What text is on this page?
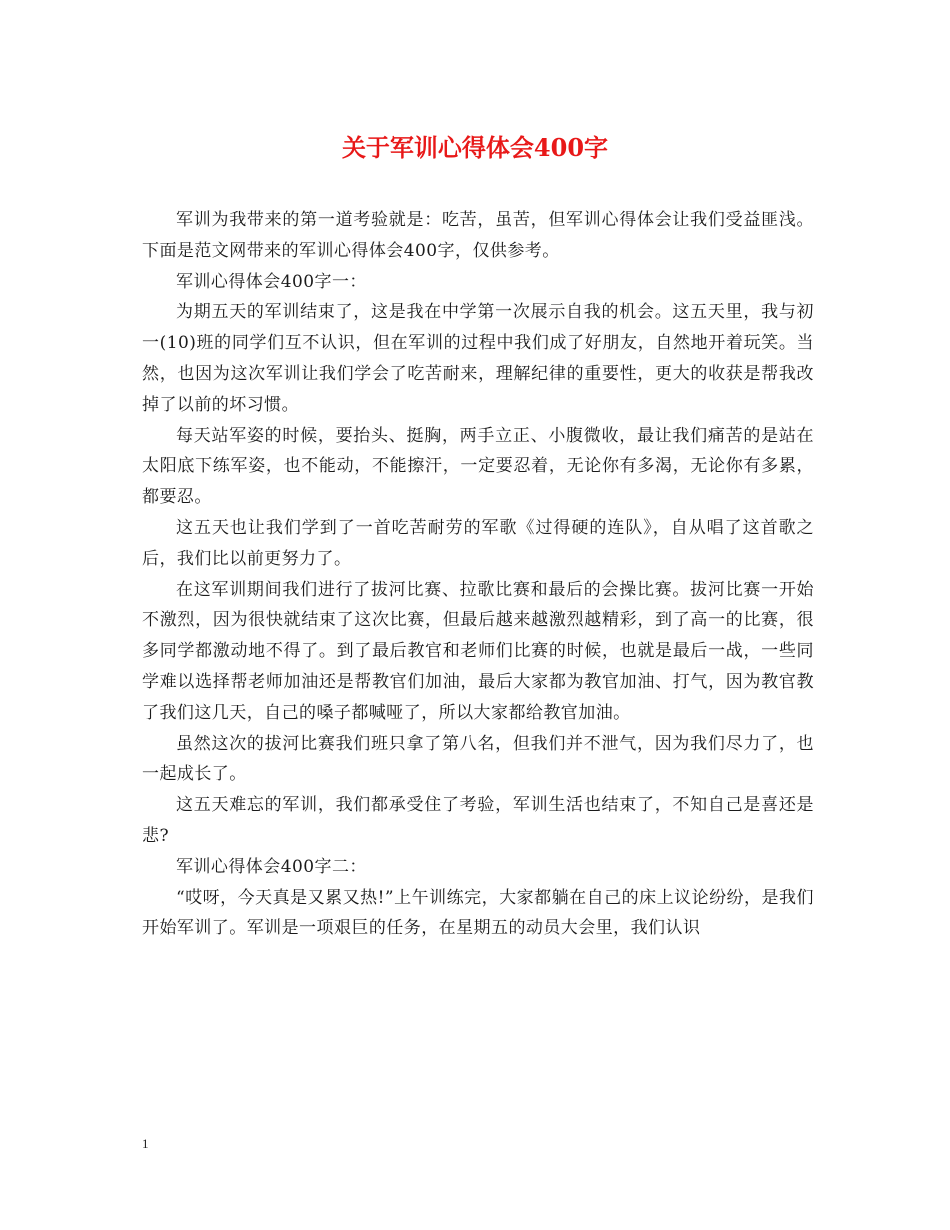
关于军训心得体会400字

军训为我带来的第一道考验就是：吃苦，虽苦，但军训心得体会让我们受益匪浅。下面是范文网带来的军训心得体会400字，仅供参考。

军训心得体会400字一：

为期五天的军训结束了，这是我在中学第一次展示自我的机会。这五天里，我与初一(10)班的同学们互不认识，但在军训的过程中我们成了好朋友，自然地开着玩笑。当然，也因为这次军训让我们学会了吃苦耐来，理解纪律的重要性，更大的收获是帮我改掉了以前的坏习惯。

每天站军姿的时候，要抬头、挺胸，两手立正、小腹微收，最让我们痛苦的是站在太阳底下练军姿，也不能动，不能擦汗，一定要忍着，无论你有多渴，无论你有多累，都要忍。

这五天也让我们学到了一首吃苦耐劳的军歌《过得硬的连队》，自从唱了这首歌之后，我们比以前更努力了。

在这军训期间我们进行了拔河比赛、拉歌比赛和最后的会操比赛。拔河比赛一开始不激烈，因为很快就结束了这次比赛，但最后越来越激烈越精彩，到了高一的比赛，很多同学都激动地不得了。到了最后教官和老师们比赛的时候，也就是最后一战，一些同学难以选择帮老师加油还是帮教官们加油，最后大家都为教官加油、打气，因为教官教了我们这几天，自己的嗓子都喊哑了，所以大家都给教官加油。

虽然这次的拔河比赛我们班只拿了第八名，但我们并不泄气，因为我们尽力了，也一起成长了。

这五天难忘的军训，我们都承受住了考验，军训生活也结束了，不知自己是喜还是悲?

军训心得体会400字二：

“哎呀，今天真是又累又热!”上午训练完，大家都躺在自己的床上议论纷纷，是我们开始军训了。军训是一项艰巨的任务，在星期五的动员大会里，我们认识

1
